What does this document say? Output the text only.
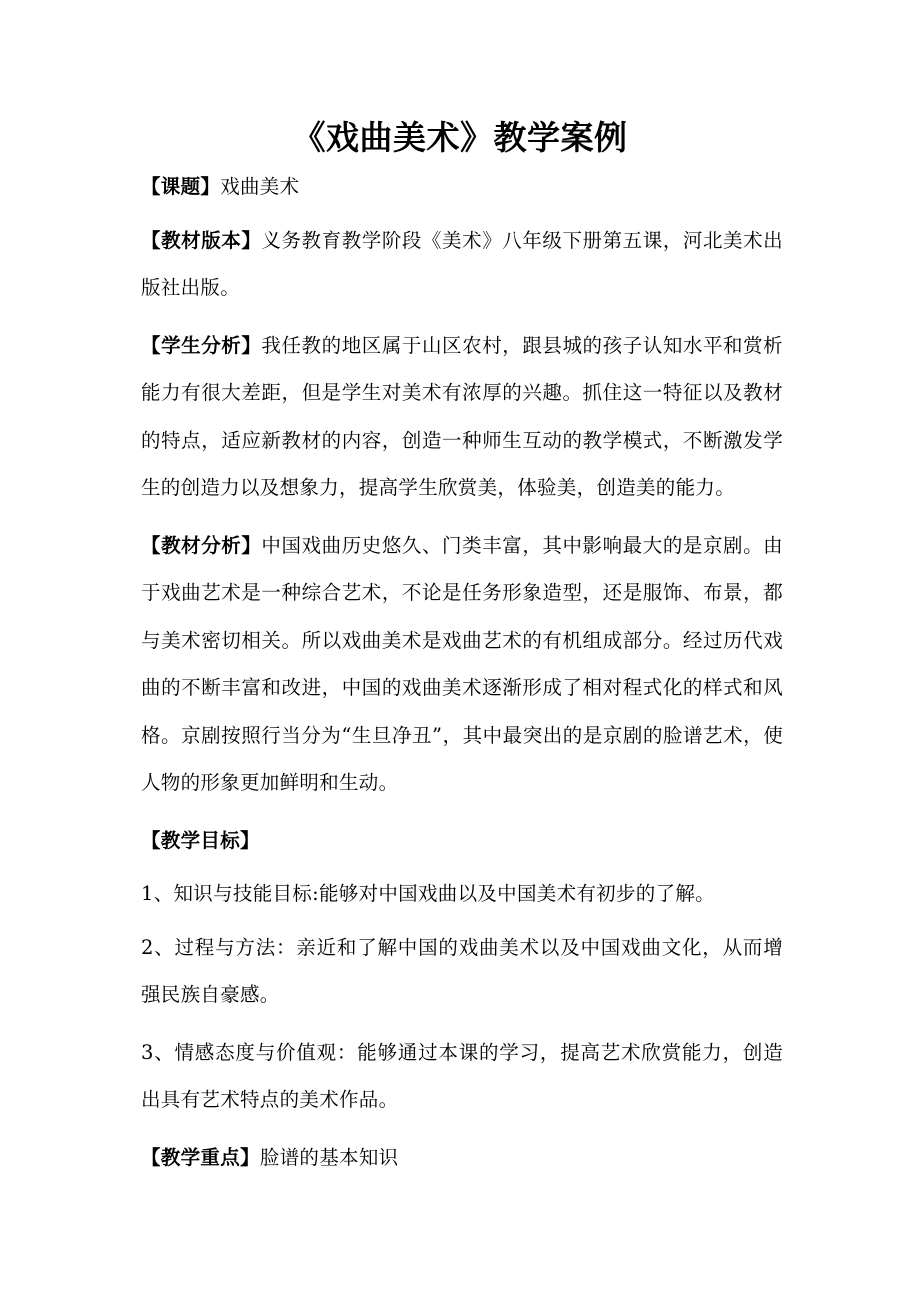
《戏曲美术》教学案例

【课题】戏曲美术

【教材版本】义务教育教学阶段《美术》八年级下册第五课，河北美术出版社出版。

【学生分析】我任教的地区属于山区农村，跟县城的孩子认知水平和赏析能力有很大差距，但是学生对美术有浓厚的兴趣。抓住这一特征以及教材的特点，适应新教材的内容，创造一种师生互动的教学模式，不断激发学生的创造力以及想象力，提高学生欣赏美，体验美，创造美的能力。

【教材分析】中国戏曲历史悠久、门类丰富，其中影响最大的是京剧。由于戏曲艺术是一种综合艺术，不论是任务形象造型，还是服饰、布景，都与美术密切相关。所以戏曲美术是戏曲艺术的有机组成部分。经过历代戏曲的不断丰富和改进，中国的戏曲美术逐渐形成了相对程式化的样式和风格。京剧按照行当分为“生旦净丑”，其中最突出的是京剧的脸谱艺术，使人物的形象更加鲜明和生动。

【教学目标】

1、知识与技能目标:能够对中国戏曲以及中国美术有初步的了解。

2、过程与方法：亲近和了解中国的戏曲美术以及中国戏曲文化，从而增强民族自豪感。

3、情感态度与价值观：能够通过本课的学习，提高艺术欣赏能力，创造出具有艺术特点的美术作品。

【教学重点】脸谱的基本知识
